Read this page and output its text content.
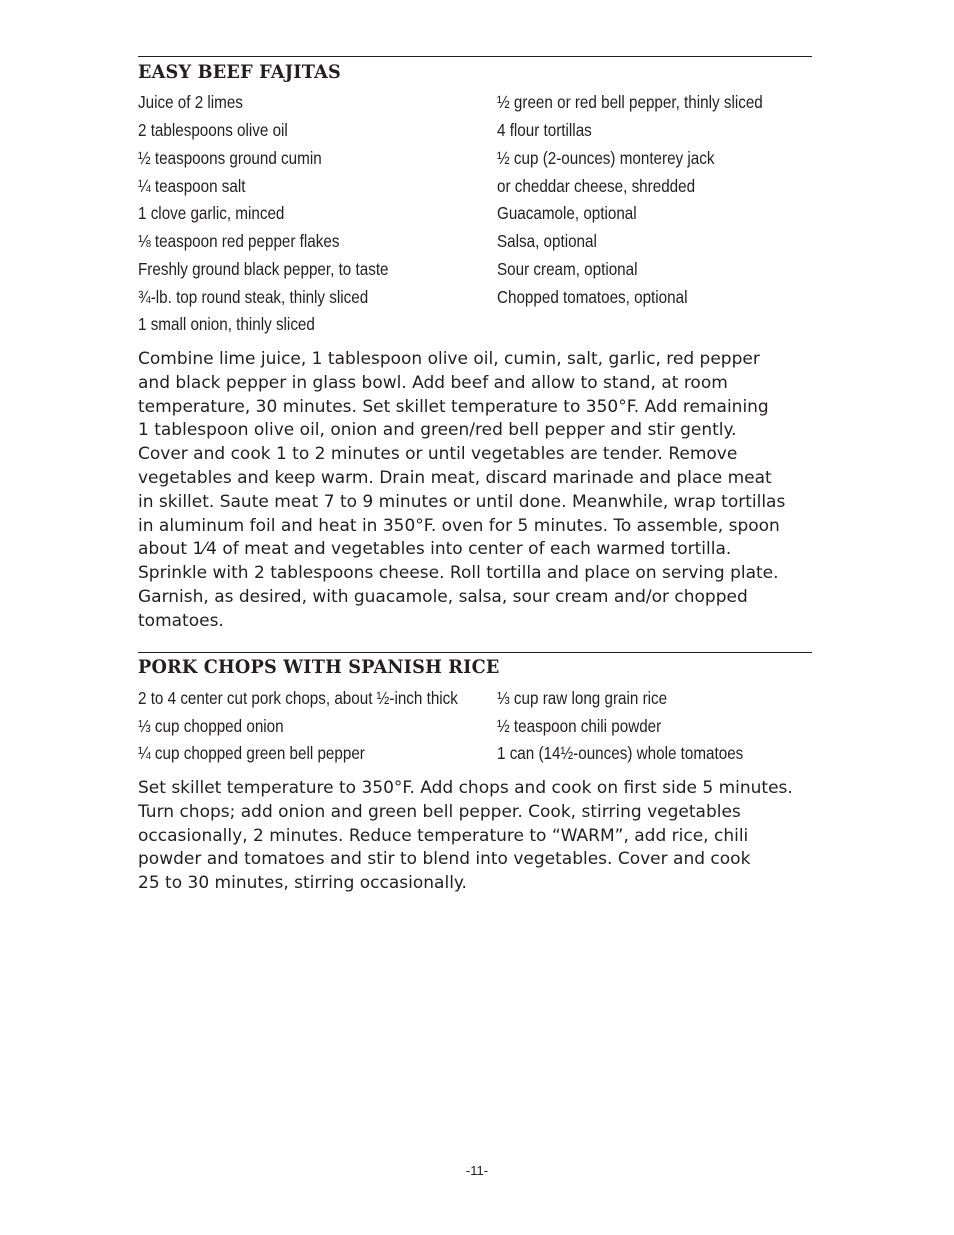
EASY BEEF FAJITAS

Juice of 2 limes

2 tablespoons olive oil

½ teaspoons ground cumin

¼ teaspoon salt

1 clove garlic, minced

⅛ teaspoon red pepper flakes

Freshly ground black pepper, to taste

¾-lb. top round steak, thinly sliced

1 small onion, thinly sliced

½ green or red bell pepper, thinly sliced

4 flour tortillas

½ cup (2-ounces) monterey jack

or cheddar cheese, shredded

Guacamole, optional

Salsa, optional

Sour cream, optional

Chopped tomatoes, optional

Combine lime juice, 1 tablespoon olive oil, cumin, salt, garlic, red pepper
and black pepper in glass bowl. Add beef and allow to stand, at room
temperature, 30 minutes. Set skillet temperature to 350°F. Add remaining
1 tablespoon olive oil, onion and green/red bell pepper and stir gently.
Cover and cook 1 to 2 minutes or until vegetables are tender. Remove
vegetables and keep warm. Drain meat, discard marinade and place meat
in skillet. Saute meat 7 to 9 minutes or until done. Meanwhile, wrap tortillas
in aluminum foil and heat in 350°F. oven for 5 minutes. To assemble, spoon
about 1⁄4 of meat and vegetables into center of each warmed tortilla.
Sprinkle with 2 tablespoons cheese. Roll tortilla and place on serving plate.
Garnish, as desired, with guacamole, salsa, sour cream and/or chopped
tomatoes.
PORK CHOPS WITH SPANISH RICE

2 to 4 center cut pork chops, about ½-inch thick

⅓ cup chopped onion

¼ cup chopped green bell pepper

⅓ cup raw long grain rice

½ teaspoon chili powder

1 can (14½-ounces) whole tomatoes

Set skillet temperature to 350°F. Add chops and cook on first side 5 minutes.
Turn chops; add onion and green bell pepper. Cook, stirring vegetables
occasionally, 2 minutes. Reduce temperature to “WARM”, add rice, chili
powder and tomatoes and stir to blend into vegetables. Cover and cook
25 to 30 minutes, stirring occasionally.
-11-
